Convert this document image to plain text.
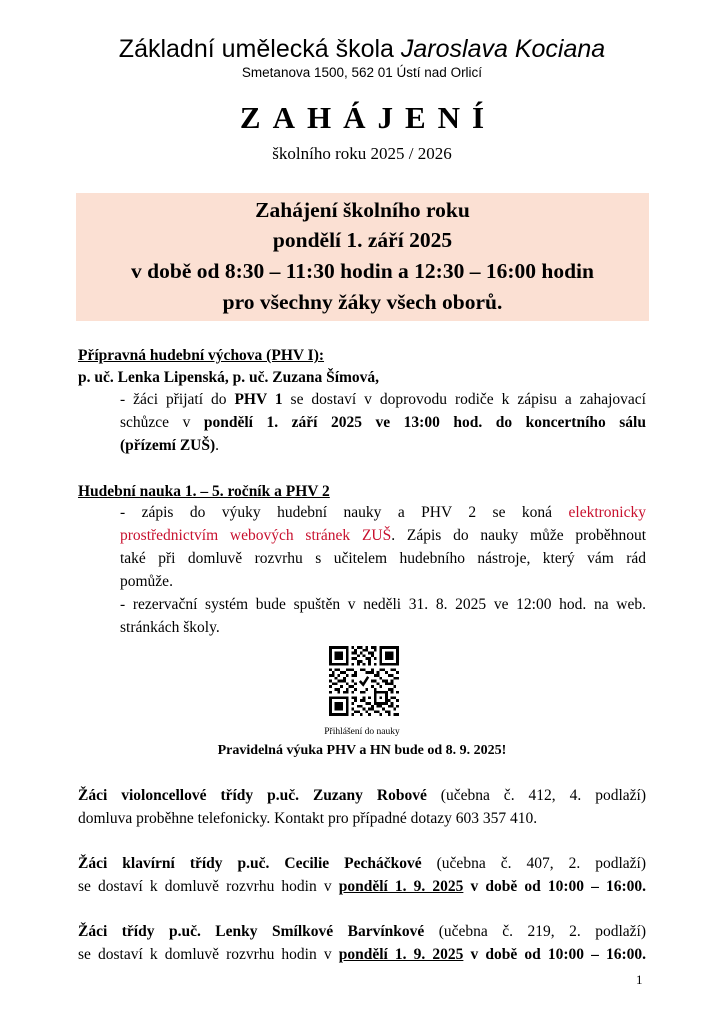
Základní umělecká škola Jaroslava Kociana
Smetanova 1500, 562 01 Ústí nad Orlicí
ZAHÁJENÍ
školního roku 2025 / 2026
Zahájení školního roku
pondělí 1. září 2025
v době od 8:30 – 11:30 hodin a 12:30 – 16:00 hodin
pro všechny žáky všech oborů.
Přípravná hudební výchova (PHV I):
p. uč. Lenka Lipenská, p. uč. Zuzana Šímová,
- žáci přijatí do PHV 1 se dostaví v doprovodu rodiče k zápisu a zahajovací
schůzce v pondělí 1. září 2025 ve 13:00 hod. do koncertního sálu
(přízemí ZUŠ).
Hudební nauka 1. – 5. ročník a PHV 2
- zápis do výuky hudební nauky a PHV 2 se koná elektronicky
prostřednictvím webových stránek ZUŠ. Zápis do nauky může proběhnout
také při domluvě rozvrhu s učitelem hudebního nástroje, který vám rád
pomůže.
- rezervační systém bude spuštěn v neděli 31. 8. 2025 ve 12:00 hod. na web.
stránkách školy.
Přihlášení do nauky
Pravidelná výuka PHV a HN bude od 8. 9. 2025!
Žáci violoncellové třídy p.uč. Zuzany Robové (učebna č. 412, 4. podlaží)
domluva proběhne telefonicky. Kontakt pro případné dotazy 603 357 410.
Žáci klavírní třídy p.uč. Cecilie Pecháčkové (učebna č. 407, 2. podlaží)
se dostaví k domluvě rozvrhu hodin v pondělí 1. 9. 2025 v době od 10:00 – 16:00.
Žáci třídy p.uč. Lenky Smílkové Barvínkové (učebna č. 219, 2. podlaží)
se dostaví k domluvě rozvrhu hodin v pondělí 1. 9. 2025 v době od 10:00 – 16:00.
1
